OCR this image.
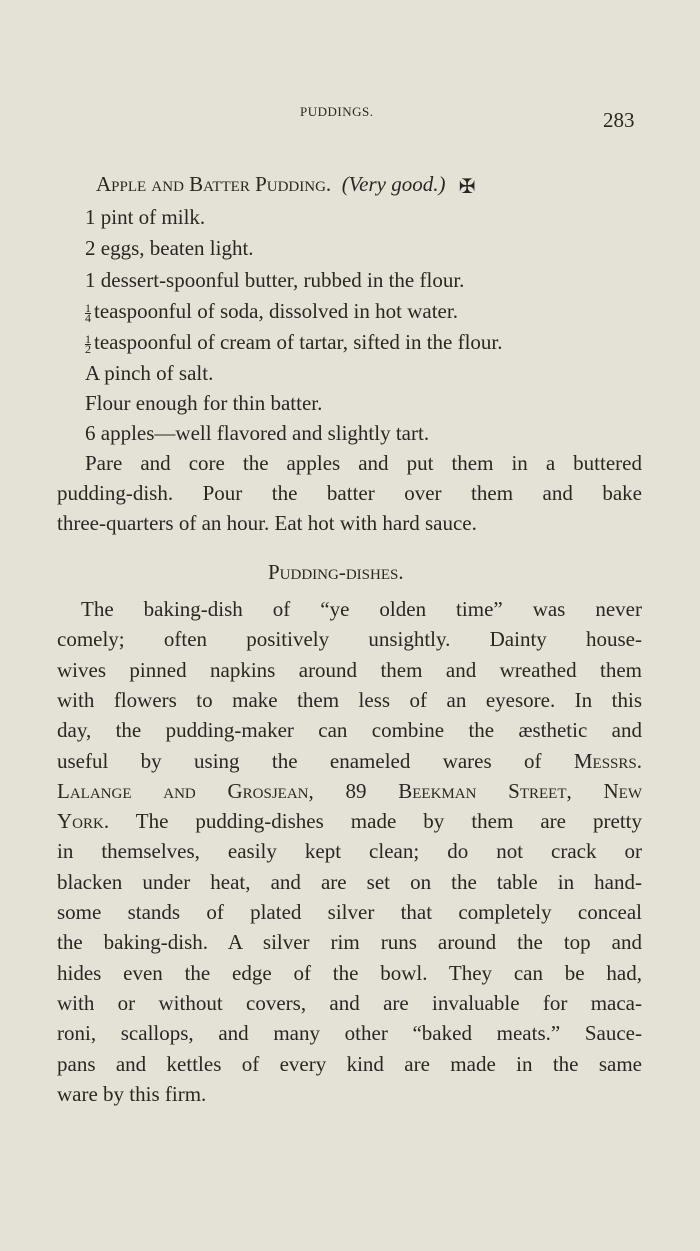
PUDDINGS.	283
Apple and Batter Pudding. (Very good.) ✠
1 pint of milk.
2 eggs, beaten light.
1 dessert-spoonful butter, rubbed in the flour.
$\frac{1}{4}$ teaspoonful of soda, dissolved in hot water.
$\frac{1}{2}$ teaspoonful of cream of tartar, sifted in the flour.
A pinch of salt.
Flour enough for thin batter.
6 apples—well flavored and slightly tart.
Pare and core the apples and put them in a buttered
pudding-dish. Pour the batter over them and bake
three-quarters of an hour. Eat hot with hard sauce.
Pudding-dishes.
The baking-dish of “ye olden time” was never
comely; often positively unsightly. Dainty house-
wives pinned napkins around them and wreathed them
with flowers to make them less of an eyesore. In this
day, the pudding-maker can combine the æsthetic and
useful by using the enameled wares of Messrs.
Lalange and Grosjean, 89 Beekman Street, New
York. The pudding-dishes made by them are pretty
in themselves, easily kept clean; do not crack or
blacken under heat, and are set on the table in hand-
some stands of plated silver that completely conceal
the baking-dish. A silver rim runs around the top and
hides even the edge of the bowl. They can be had,
with or without covers, and are invaluable for maca-
roni, scallops, and many other “baked meats.” Sauce-
pans and kettles of every kind are made in the same
ware by this firm.
